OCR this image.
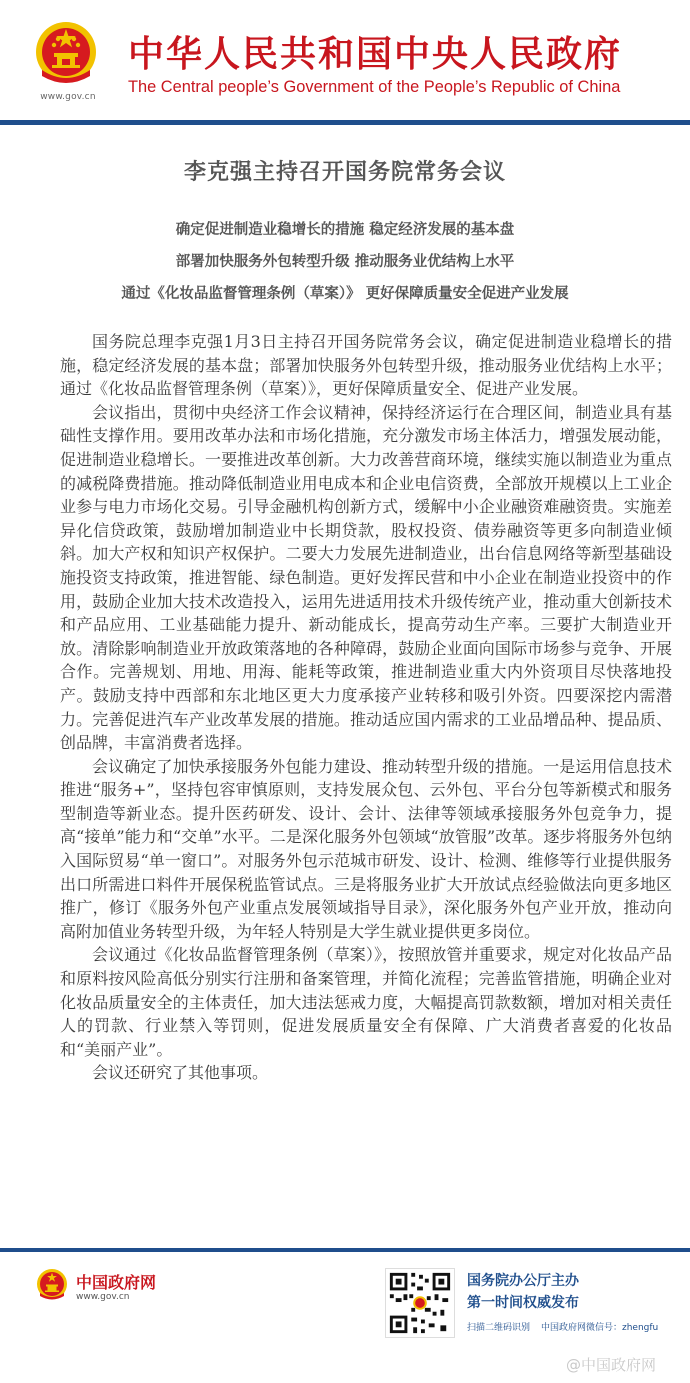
www.gov.cn
中华人民共和国中央人民政府
The Central people’s Government of the People’s Republic of China
李克强主持召开国务院常务会议
确定促进制造业稳增长的措施 稳定经济发展的基本盘
部署加快服务外包转型升级 推动服务业优结构上水平
通过《化妆品监督管理条例（草案）》 更好保障质量安全促进产业发展

国务院总理李克强1月3日主持召开国务院常务会议，确定促进制造业稳增长的措施，稳定经济发展的基本盘；部署加快服务外包转型升级，推动服务业优结构上水平；通过《化妆品监督管理条例（草案）》，更好保障质量安全、促进产业发展。

会议指出，贯彻中央经济工作会议精神，保持经济运行在合理区间，制造业具有基础性支撑作用。要用改革办法和市场化措施，充分激发市场主体活力，增强发展动能，促进制造业稳增长。一要推进改革创新。大力改善营商环境，继续实施以制造业为重点的减税降费措施。推动降低制造业用电成本和企业电信资费，全部放开规模以上工业企业参与电力市场化交易。引导金融机构创新方式，缓解中小企业融资难融资贵。实施差异化信贷政策，鼓励增加制造业中长期贷款，股权投资、债券融资等更多向制造业倾斜。加大产权和知识产权保护。二要大力发展先进制造业，出台信息网络等新型基础设施投资支持政策，推进智能、绿色制造。更好发挥民营和中小企业在制造业投资中的作用，鼓励企业加大技术改造投入，运用先进适用技术升级传统产业，推动重大创新技术和产品应用、工业基础能力提升、新动能成长，提高劳动生产率。三要扩大制造业开放。清除影响制造业开放政策落地的各种障碍，鼓励企业面向国际市场参与竞争、开展合作。完善规划、用地、用海、能耗等政策，推进制造业重大内外资项目尽快落地投产。鼓励支持中西部和东北地区更大力度承接产业转移和吸引外资。四要深挖内需潜力。完善促进汽车产业改革发展的措施。推动适应国内需求的工业品增品种、提品质、创品牌，丰富消费者选择。

会议确定了加快承接服务外包能力建设、推动转型升级的措施。一是运用信息技术推进“服务+”，坚持包容审慎原则，支持发展众包、云外包、平台分包等新模式和服务型制造等新业态。提升医药研发、设计、会计、法律等领域承接服务外包竞争力，提高“接单”能力和“交单”水平。二是深化服务外包领域“放管服”改革。逐步将服务外包纳入国际贸易“单一窗口”。对服务外包示范城市研发、设计、检测、维修等行业提供服务出口所需进口料件开展保税监管试点。三是将服务业扩大开放试点经验做法向更多地区推广，修订《服务外包产业重点发展领域指导目录》，深化服务外包产业开放，推动向高附加值业务转型升级，为年轻人特别是大学生就业提供更多岗位。

会议通过《化妆品监督管理条例（草案）》，按照放管并重要求，规定对化妆品产品和原料按风险高低分别实行注册和备案管理，并简化流程；完善监管措施，明确企业对化妆品质量安全的主体责任，加大违法惩戒力度，大幅提高罚款数额，增加对相关责任人的罚款、行业禁入等罚则，促进发展质量安全有保障、广大消费者喜爱的化妆品和“美丽产业”。

会议还研究了其他事项。

中国政府网
www.gov.cn
国务院办公厅主办
第一时间权威发布
扫描二维码识别 中国政府网微信号：zhengfu
@中国政府网
